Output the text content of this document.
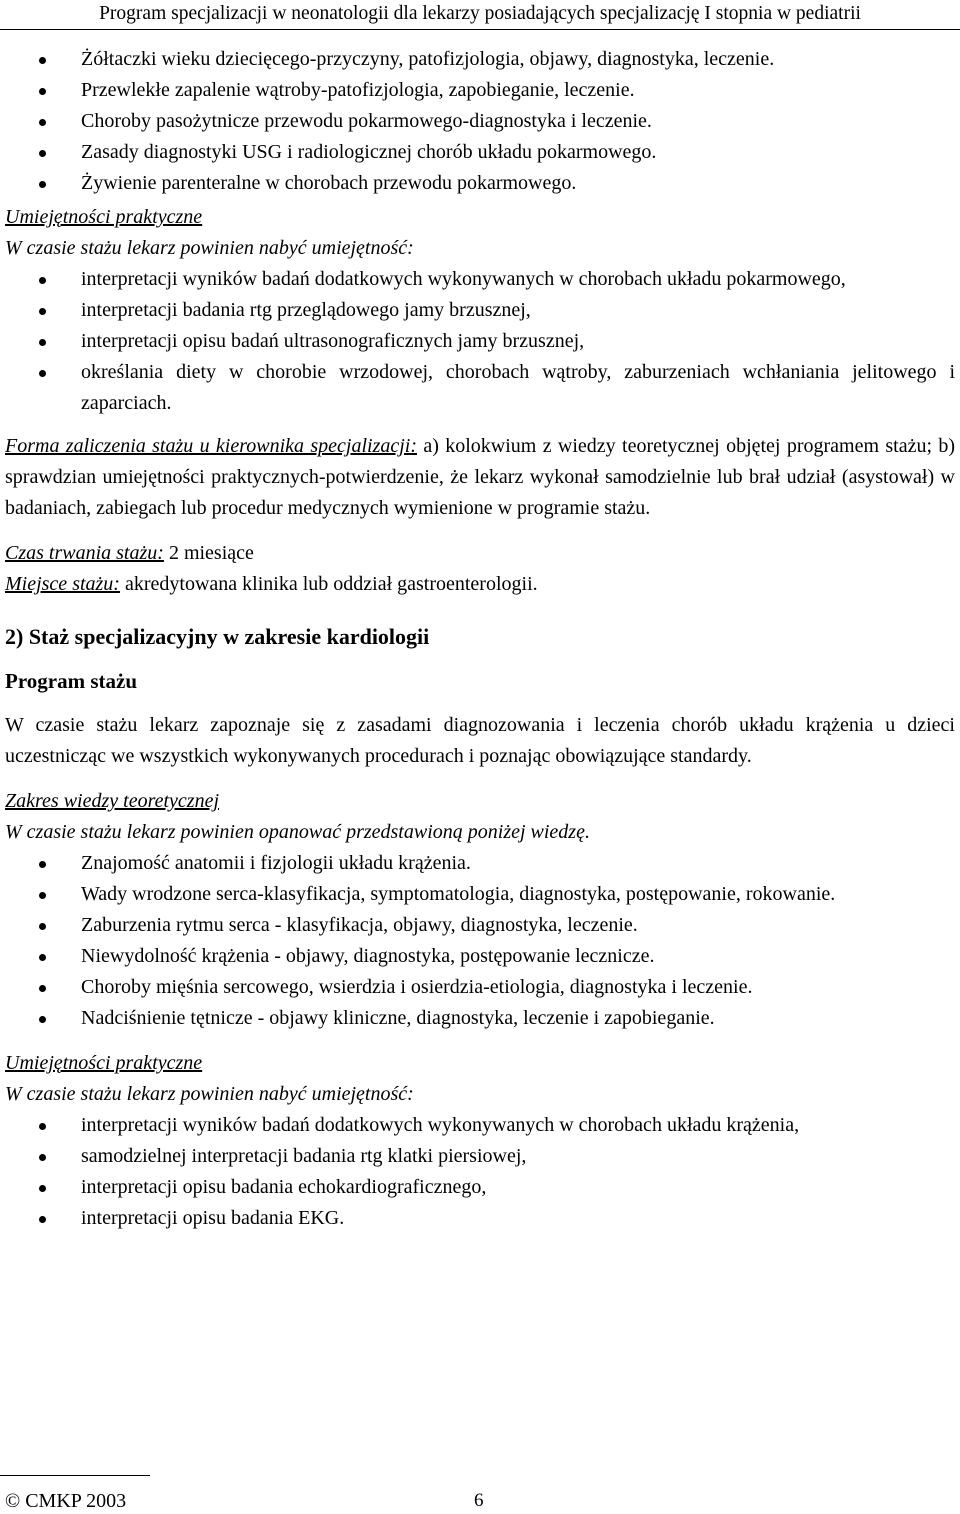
Program specjalizacji w neonatologii dla lekarzy posiadających specjalizację I stopnia w pediatrii
Żółtaczki wieku dziecięcego-przyczyny, patofizjologia, objawy, diagnostyka, leczenie.
Przewlekłe zapalenie wątroby-patofizjologia, zapobieganie, leczenie.
Choroby pasożytnicze przewodu pokarmowego-diagnostyka i leczenie.
Zasady diagnostyki USG i radiologicznej chorób układu pokarmowego.
Żywienie parenteralne w chorobach przewodu pokarmowego.

Umiejętności praktyczne

W czasie stażu lekarz powinien nabyć umiejętność:

interpretacji wyników badań dodatkowych wykonywanych w chorobach układu pokarmowego,
interpretacji badania rtg przeglądowego jamy brzusznej,
interpretacji opisu badań ultrasonograficznych jamy brzusznej,
określania diety w chorobie wrzodowej, chorobach wątroby, zaburzeniach wchłaniania jelitowego i zaparciach.

Forma zaliczenia stażu u kierownika specjalizacji: a) kolokwium z wiedzy teoretycznej objętej programem stażu; b) sprawdzian umiejętności praktycznych-potwierdzenie, że lekarz wykonał samodzielnie lub brał udział (asystował) w badaniach, zabiegach lub procedur medycznych wymienione w programie stażu.

Czas trwania stażu: 2 miesiące

Miejsce stażu: akredytowana klinika lub oddział gastroenterologii.

2) Staż specjalizacyjny w zakresie kardiologii

Program stażu

W czasie stażu lekarz zapoznaje się z zasadami diagnozowania i leczenia chorób układu krążenia u dzieci uczestnicząc we wszystkich wykonywanych procedurach i poznając obowiązujące standardy.

Zakres wiedzy teoretycznej

W czasie stażu lekarz powinien opanować przedstawioną poniżej wiedzę.

Znajomość anatomii i fizjologii układu krążenia.
Wady wrodzone serca-klasyfikacja, symptomatologia, diagnostyka, postępowanie, rokowanie.
Zaburzenia rytmu serca - klasyfikacja, objawy, diagnostyka, leczenie.
Niewydolność krążenia - objawy, diagnostyka, postępowanie lecznicze.
Choroby mięśnia sercowego, wsierdzia i osierdzia-etiologia, diagnostyka i leczenie.
Nadciśnienie tętnicze - objawy kliniczne, diagnostyka, leczenie i zapobieganie.

Umiejętności praktyczne

W czasie stażu lekarz powinien nabyć umiejętność:

interpretacji wyników badań dodatkowych wykonywanych w chorobach układu krążenia,
samodzielnej interpretacji badania rtg klatki piersiowej,
interpretacji opisu badania echokardiograficznego,
interpretacji opisu badania EKG.
© CMKP 2003	6
